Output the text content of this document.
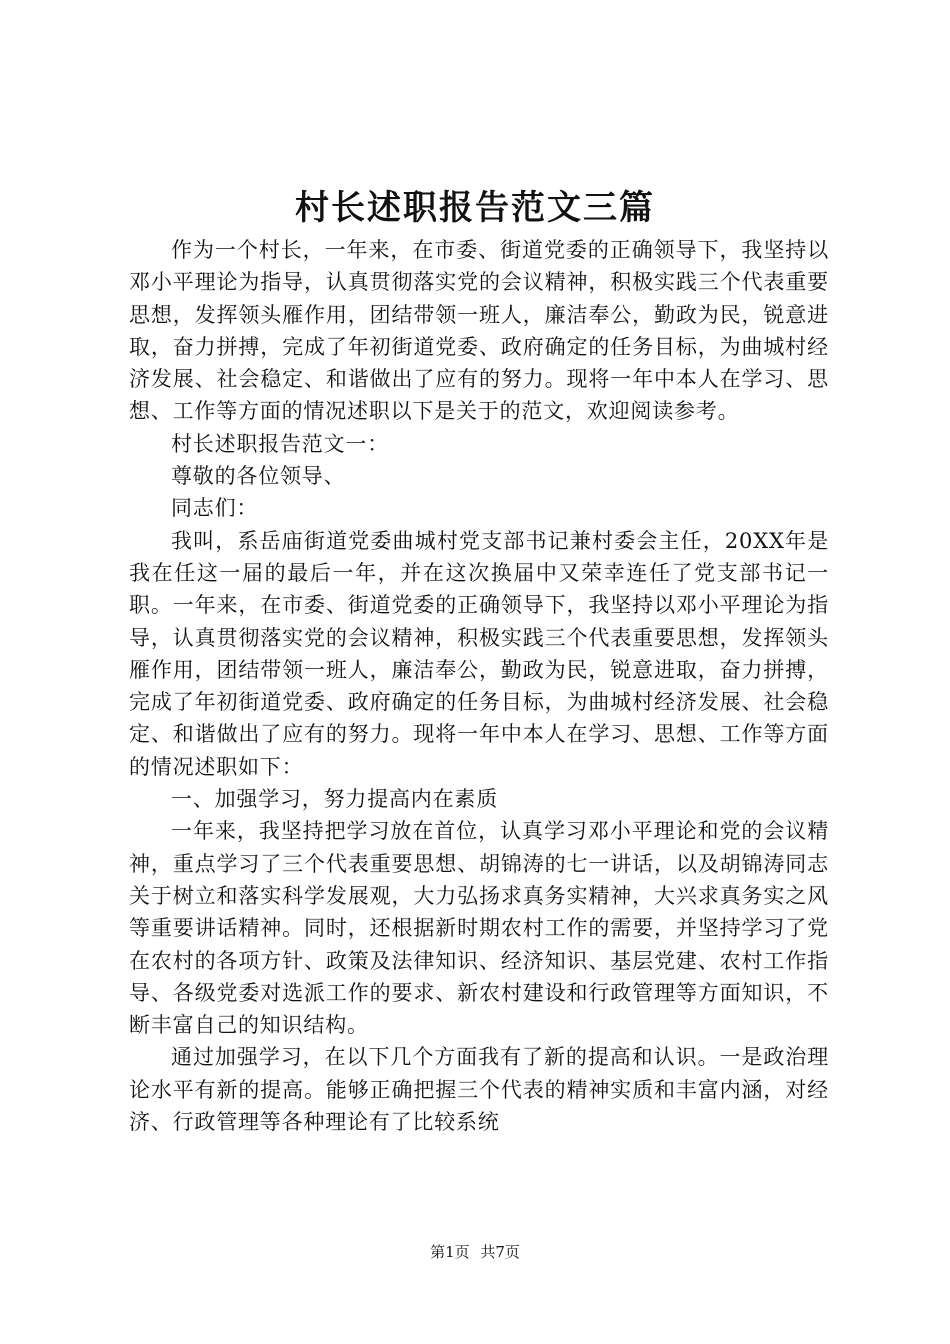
村长述职报告范文三篇

作为一个村长，一年来，在市委、街道党委的正确领导下，我坚持以邓小平理论为指导，认真贯彻落实党的会议精神，积极实践三个代表重要思想，发挥领头雁作用，团结带领一班人，廉洁奉公，勤政为民，锐意进取，奋力拼搏，完成了年初街道党委、政府确定的任务目标，为曲城村经济发展、社会稳定、和谐做出了应有的努力。现将一年中本人在学习、思想、工作等方面的情况述职以下是关于的范文，欢迎阅读参考。

村长述职报告范文一：

尊敬的各位领导、

同志们：

我叫，系岳庙街道党委曲城村党支部书记兼村委会主任，20XX年是我在任这一届的最后一年，并在这次换届中又荣幸连任了党支部书记一职。一年来，在市委、街道党委的正确领导下，我坚持以邓小平理论为指导，认真贯彻落实党的会议精神，积极实践三个代表重要思想，发挥领头雁作用，团结带领一班人，廉洁奉公，勤政为民，锐意进取，奋力拼搏，完成了年初街道党委、政府确定的任务目标，为曲城村经济发展、社会稳定、和谐做出了应有的努力。现将一年中本人在学习、思想、工作等方面的情况述职如下：

一、加强学习，努力提高内在素质

一年来，我坚持把学习放在首位，认真学习邓小平理论和党的会议精神，重点学习了三个代表重要思想、胡锦涛的七一讲话，以及胡锦涛同志关于树立和落实科学发展观，大力弘扬求真务实精神，大兴求真务实之风等重要讲话精神。同时，还根据新时期农村工作的需要，并坚持学习了党在农村的各项方针、政策及法律知识、经济知识、基层党建、农村工作指导、各级党委对选派工作的要求、新农村建设和行政管理等方面知识，不断丰富自己的知识结构。

通过加强学习，在以下几个方面我有了新的提高和认识。一是政治理论水平有新的提高。能够正确把握三个代表的精神实质和丰富内涵，对经济、行政管理等各种理论有了比较系统

第1页 共7页
